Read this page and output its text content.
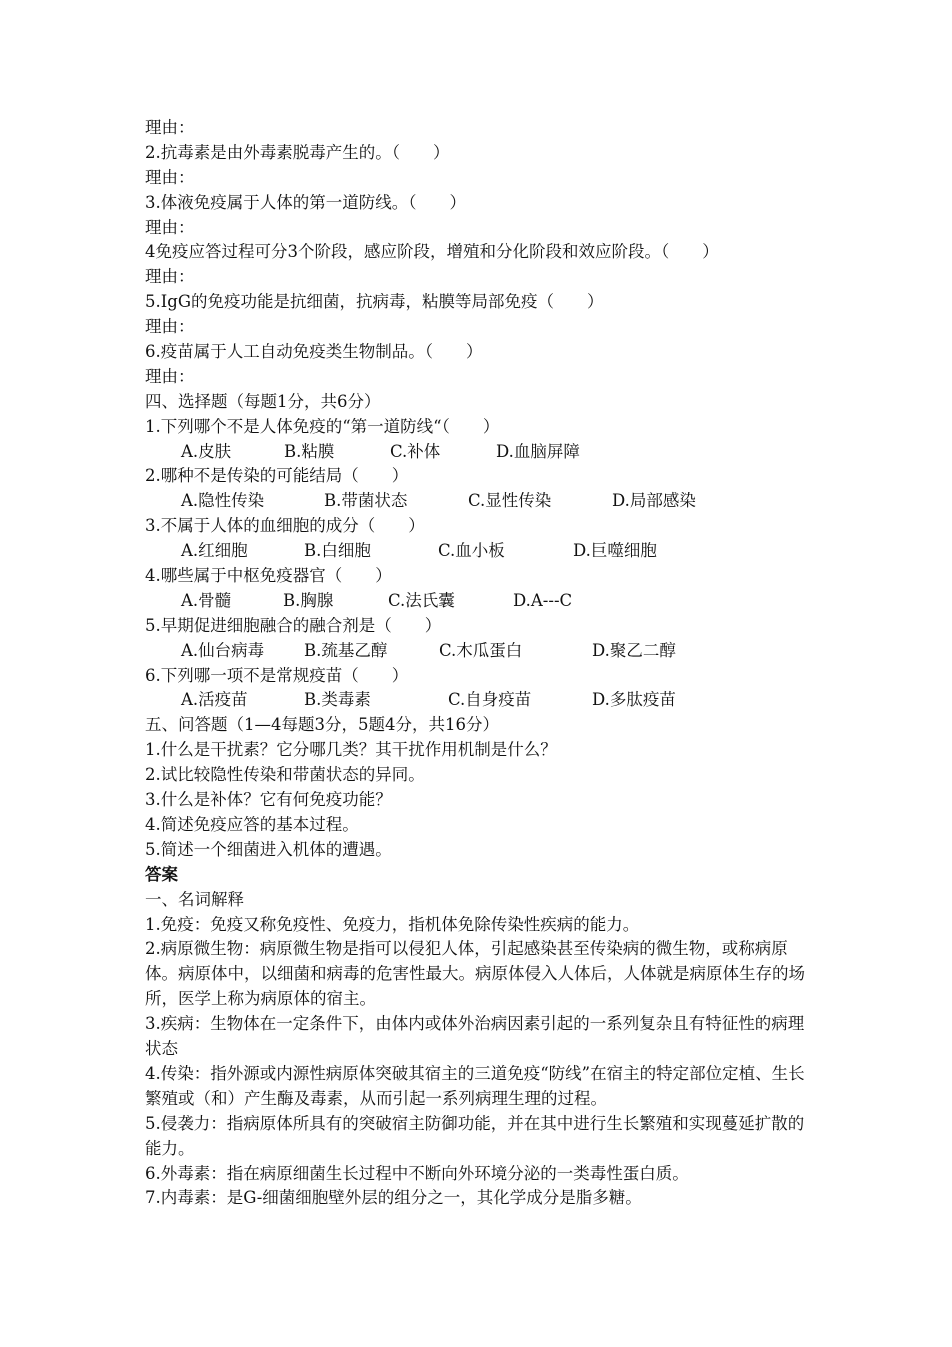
理由：
2.抗毒素是由外毒素脱毒产生的。（　　）
理由：
3.体液免疫属于人体的第一道防线。（　　）
理由：
4免疫应答过程可分3个阶段，感应阶段，增殖和分化阶段和效应阶段。（　　）
理由：
5.IgG的免疫功能是抗细菌，抗病毒，粘膜等局部免疫（　　）
理由：
6.疫苗属于人工自动免疫类生物制品。（　　）
理由：
四、选择题（每题1分，共6分）
1.下列哪个不是人体免疫的“第一道防线“（　　）
A.皮肤	B.粘膜	C.补体	D.血脑屏障
2.哪种不是传染的可能结局（　　）
A.隐性传染	B.带菌状态	C.显性传染	D.局部感染
3.不属于人体的血细胞的成分（　　）
A.红细胞	B.白细胞	C.血小板	D.巨噬细胞
4.哪些属于中枢免疫器官（　　）
A.骨髓	B.胸腺	C.法氏囊	D.A---C
5.早期促进细胞融合的融合剂是（　　）
A.仙台病毒 B.巯基乙醇	C.木瓜蛋白	D.聚乙二醇
6.下列哪一项不是常规疫苗（　　）
A.活疫苗	B.类毒素	C.自身疫苗	D.多肽疫苗
五、问答题（1—4每题3分，5题4分，共16分）
1.什么是干扰素？它分哪几类？其干扰作用机制是什么？
2.试比较隐性传染和带菌状态的异同。
3.什么是补体？它有何免疫功能？
4.简述免疫应答的基本过程。
5.简述一个细菌进入机体的遭遇。
答案
一、名词解释
1.免疫：免疫又称免疫性、免疫力，指机体免除传染性疾病的能力。
2.病原微生物：病原微生物是指可以侵犯人体，引起感染甚至传染病的微生物，或称病原体。病原体中，以细菌和病毒的危害性最大。病原体侵入人体后，人体就是病原体生存的场所，医学上称为病原体的宿主。
3.疾病：生物体在一定条件下，由体内或体外治病因素引起的一系列复杂且有特征性的病理状态
4.传染：指外源或内源性病原体突破其宿主的三道免疫“防线”在宿主的特定部位定植、生长繁殖或（和）产生酶及毒素，从而引起一系列病理生理的过程。
5.侵袭力：指病原体所具有的突破宿主防御功能，并在其中进行生长繁殖和实现蔓延扩散的能力。
6.外毒素：指在病原细菌生长过程中不断向外环境分泌的一类毒性蛋白质。
7.内毒素：是G-细菌细胞壁外层的组分之一，其化学成分是脂多糖。
